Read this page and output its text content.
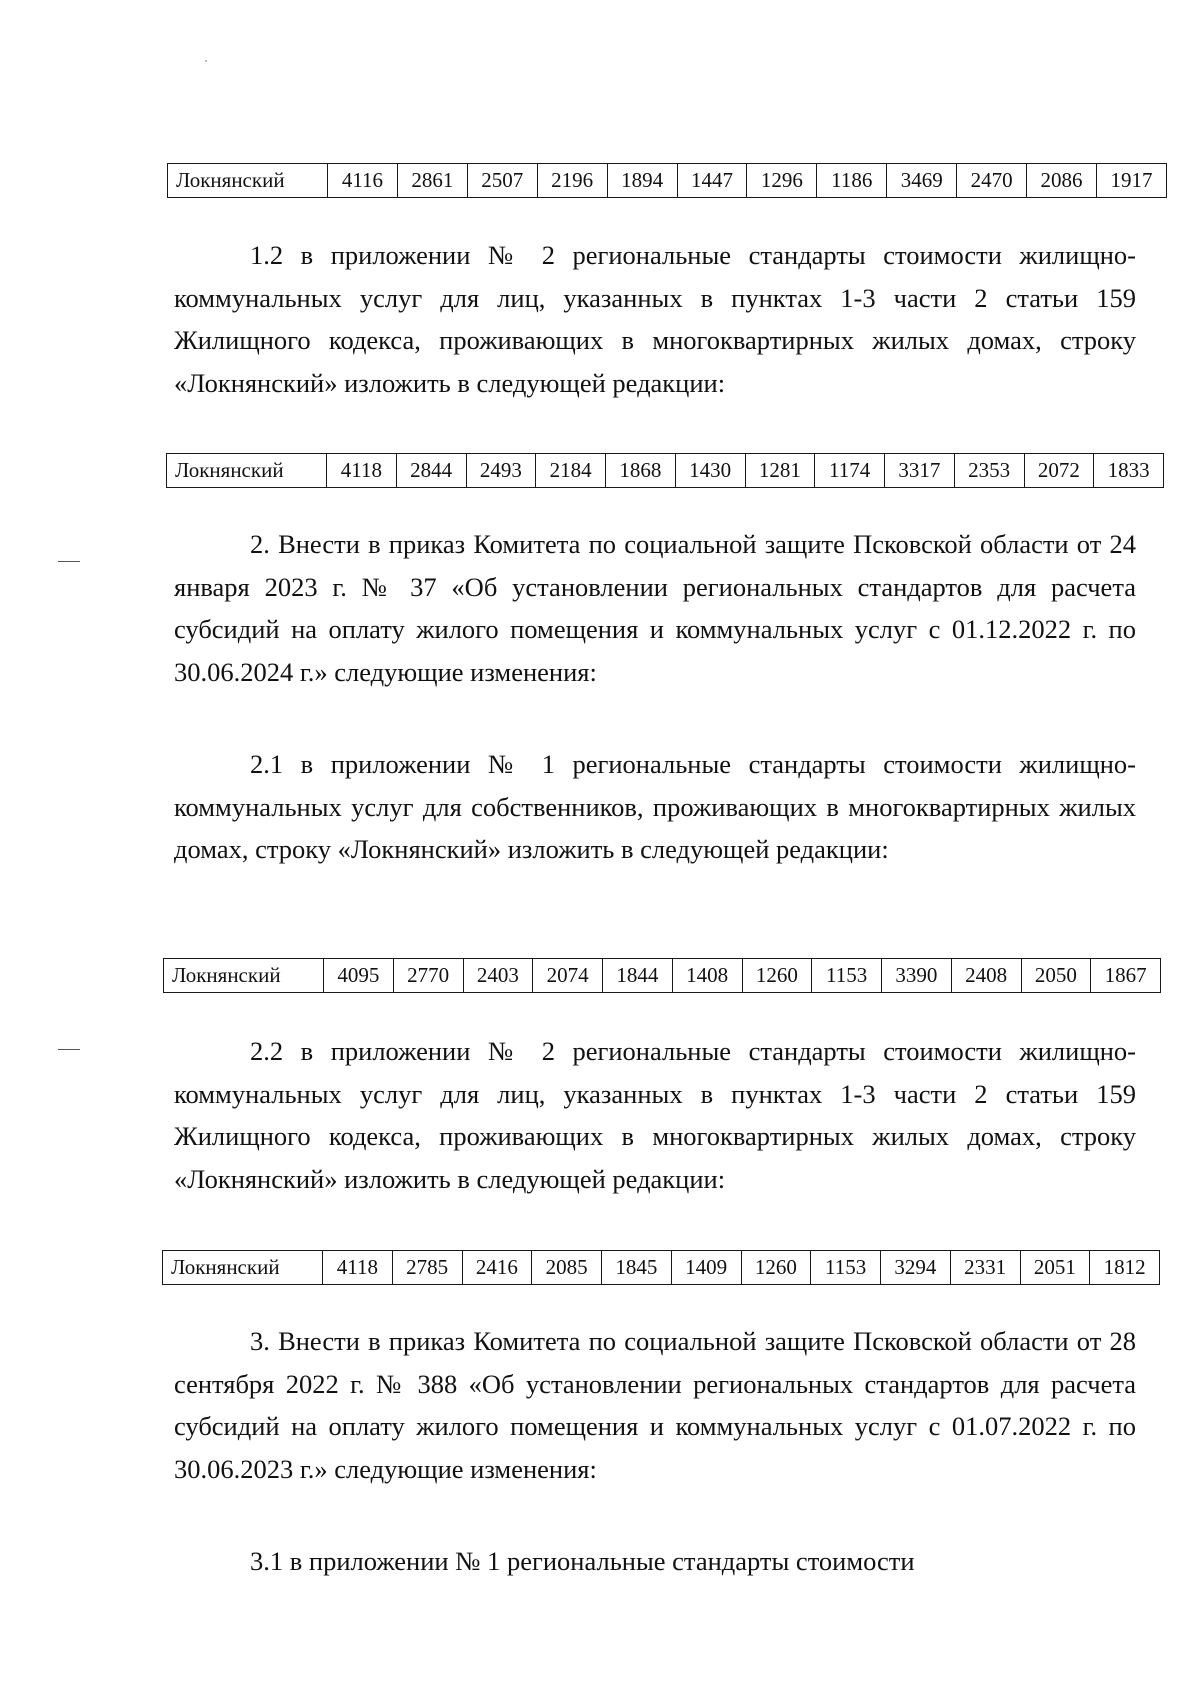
Локнянский	4116	2861	2507	2196	1894	1447	1296	1186	3469	2470	2086	1917

1.2 в приложении № 2 региональные стандарты стоимости жилищно-коммунальных услуг для лиц, указанных в пунктах 1-3 части 2 статьи 159 Жилищного кодекса, проживающих в многоквартирных жилых домах, строку «Локнянский» изложить в следующей редакции:

Локнянский	4118	2844	2493	2184	1868	1430	1281	1174	3317	2353	2072	1833

2. Внести в приказ Комитета по социальной защите Псковской области от 24 января 2023 г. № 37 «Об установлении региональных стандартов для расчета субсидий на оплату жилого помещения и коммунальных услуг с 01.12.2022 г. по 30.06.2024 г.» следующие изменения:

2.1 в приложении № 1 региональные стандарты стоимости жилищно-коммунальных услуг для собственников, проживающих в многоквартирных жилых домах, строку «Локнянский» изложить в следующей редакции:

Локнянский	4095	2770	2403	2074	1844	1408	1260	1153	3390	2408	2050	1867

2.2 в приложении № 2 региональные стандарты стоимости жилищно-коммунальных услуг для лиц, указанных в пунктах 1-3 части 2 статьи 159 Жилищного кодекса, проживающих в многоквартирных жилых домах, строку «Локнянский» изложить в следующей редакции:

Локнянский	4118	2785	2416	2085	1845	1409	1260	1153	3294	2331	2051	1812

3. Внести в приказ Комитета по социальной защите Псковской области от 28 сентября 2022 г. № 388 «Об установлении региональных стандартов для расчета субсидий на оплату жилого помещения и коммунальных услуг с 01.07.2022 г. по 30.06.2023 г.» следующие изменения:

3.1 в приложении № 1 региональные стандарты стоимости
